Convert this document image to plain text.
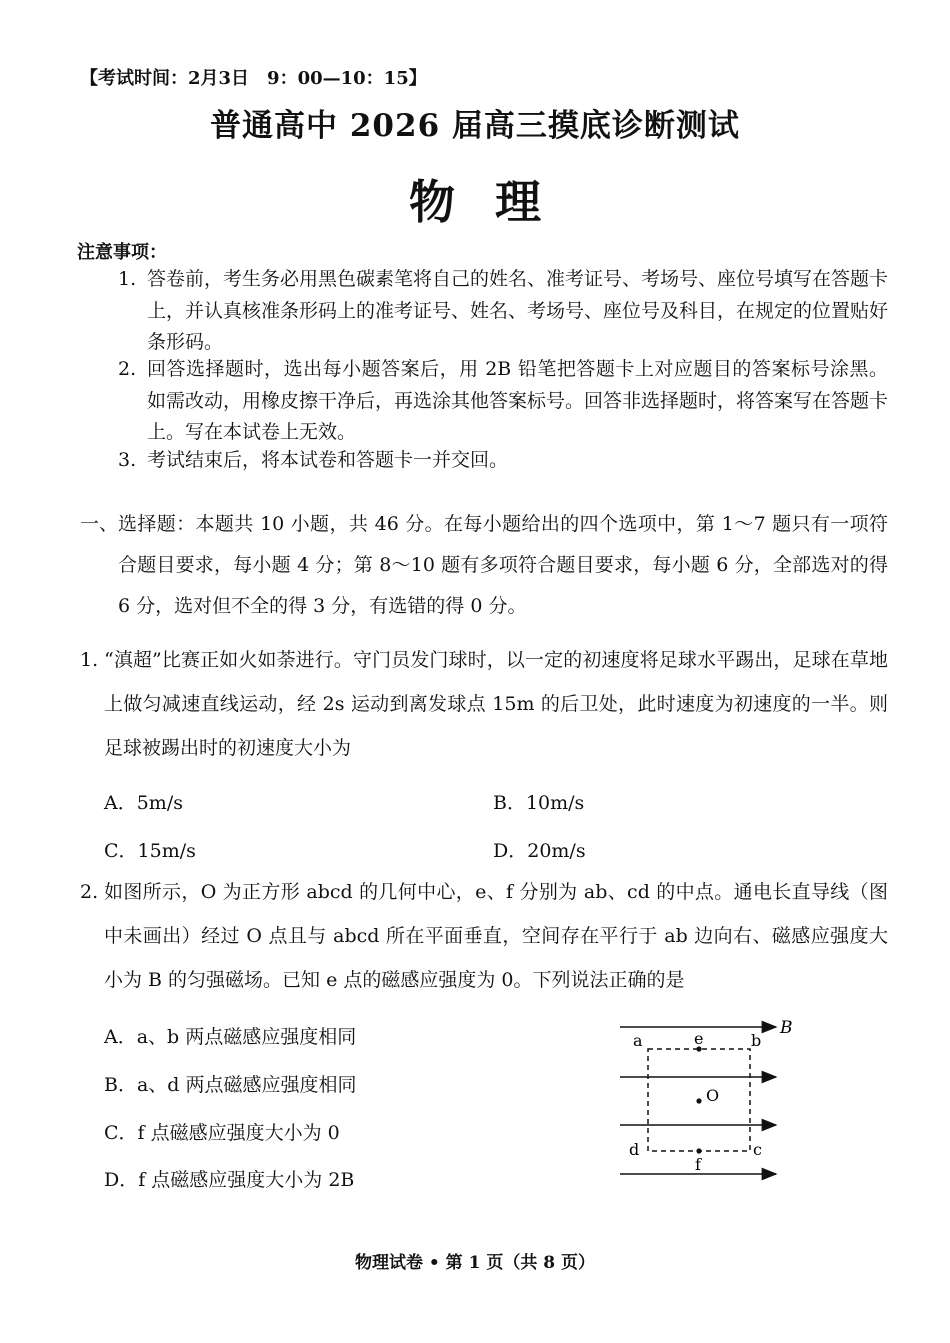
【考试时间：2月3日　9：00—10：15】
普通高中 2026 届高三摸底诊断测试
物理
注意事项：
1. 答卷前，考生务必用黑色碳素笔将自己的姓名、准考证号、考场号、座位号填写在答题卡上，并认真核准条形码上的准考证号、姓名、考场号、座位号及科目，在规定的位置贴好条形码。
2. 回答选择题时，选出每小题答案后，用 2B 铅笔把答题卡上对应题目的答案标号涂黑。如需改动，用橡皮擦干净后，再选涂其他答案标号。回答非选择题时，将答案写在答题卡上。写在本试卷上无效。
3. 考试结束后，将本试卷和答题卡一并交回。
一、 选择题：本题共 10 小题，共 46 分。在每小题给出的四个选项中，第 1～7 题只有一项符合题目要求，每小题 4 分；第 8～10 题有多项符合题目要求，每小题 6 分，全部选对的得 6 分，选对但不全的得 3 分，有选错的得 0 分。
1. “滇超”比赛正如火如荼进行。守门员发门球时，以一定的初速度将足球水平踢出，足球在草地上做匀减速直线运动，经 2s 运动到离发球点 15m 的后卫处，此时速度为初速度的一半。则足球被踢出时的初速度大小为
A．5m/s	B．10m/s
C．15m/s	D．20m/s
2. 如图所示，O 为正方形 abcd 的几何中心，e、f 分别为 ab、cd 的中点。通电长直导线（图中未画出）经过 O 点且与 abcd 所在平面垂直，空间存在平行于 ab 边向右、磁感应强度大小为 B 的匀强磁场。已知 e 点的磁感应强度为 0。下列说法正确的是
A．a、b 两点磁感应强度相同
B．a、d 两点磁感应强度相同
C．f 点磁感应强度大小为 0
D．f 点磁感应强度大小为 2B
B
a	b
c
d
e
f
O
物理试卷 • 第 1 页（共 8 页）
